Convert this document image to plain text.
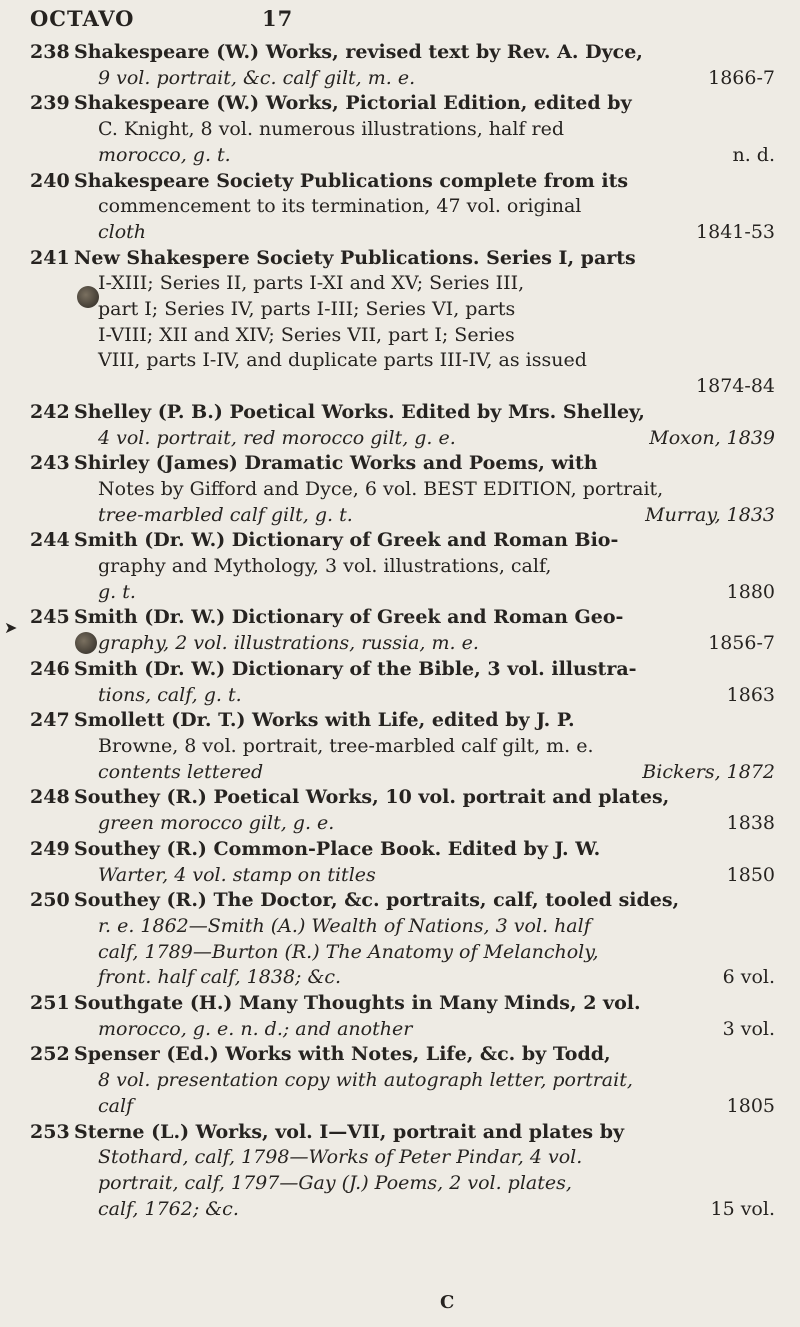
OCTAVO	17
➤
238 Shakespeare (W.) Works, revised text by Rev. A. Dyce,
9 vol. portrait, &c. calf gilt, m. e.	1866-7
239 Shakespeare (W.) Works, Pictorial Edition, edited by
C. Knight, 8 vol. numerous illustrations, half red
morocco, g. t.	n. d.
240 Shakespeare Society Publications complete from its
commencement to its termination, 47 vol. original
cloth	1841-53
241 New Shakespere Society Publications. Series I, parts
I-XIII; Series II, parts I-XI and XV; Series III,
part I; Series IV, parts I-III; Series VI, parts
I-VIII; XII and XIV; Series VII, part I; Series
VIII, parts I-IV, and duplicate parts III-IV, as issued
1874-84
242 Shelley (P. B.) Poetical Works. Edited by Mrs. Shelley,
4 vol. portrait, red morocco gilt, g. e.	Moxon, 1839
243 Shirley (James) Dramatic Works and Poems, with
Notes by Gifford and Dyce, 6 vol. BEST EDITION, portrait,
tree-marbled calf gilt, g. t.	Murray, 1833
244 Smith (Dr. W.) Dictionary of Greek and Roman Bio-
graphy and Mythology, 3 vol. illustrations, calf,
g. t.	1880
245 Smith (Dr. W.) Dictionary of Greek and Roman Geo-
graphy, 2 vol. illustrations, russia, m. e.	1856-7
246 Smith (Dr. W.) Dictionary of the Bible, 3 vol. illustra-
tions, calf, g. t.	1863
247 Smollett (Dr. T.) Works with Life, edited by J. P.
Browne, 8 vol. portrait, tree-marbled calf gilt, m. e.
contents lettered	Bickers, 1872
248 Southey (R.) Poetical Works, 10 vol. portrait and plates,
green morocco gilt, g. e.	1838
249 Southey (R.) Common-Place Book. Edited by J. W.
Warter, 4 vol. stamp on titles	1850
250 Southey (R.) The Doctor, &c. portraits, calf, tooled sides,
r. e. 1862—Smith (A.) Wealth of Nations, 3 vol. half
calf, 1789—Burton (R.) The Anatomy of Melancholy,
front. half calf, 1838; &c.	6 vol.
251 Southgate (H.) Many Thoughts in Many Minds, 2 vol.
morocco, g. e. n. d.; and another	3 vol.
252 Spenser (Ed.) Works with Notes, Life, &c. by Todd,
8 vol. presentation copy with autograph letter, portrait,
calf	1805
253 Sterne (L.) Works, vol. I—VII, portrait and plates by
Stothard, calf, 1798—Works of Peter Pindar, 4 vol.
portrait, calf, 1797—Gay (J.) Poems, 2 vol. plates,
calf, 1762; &c.	15 vol.
C
